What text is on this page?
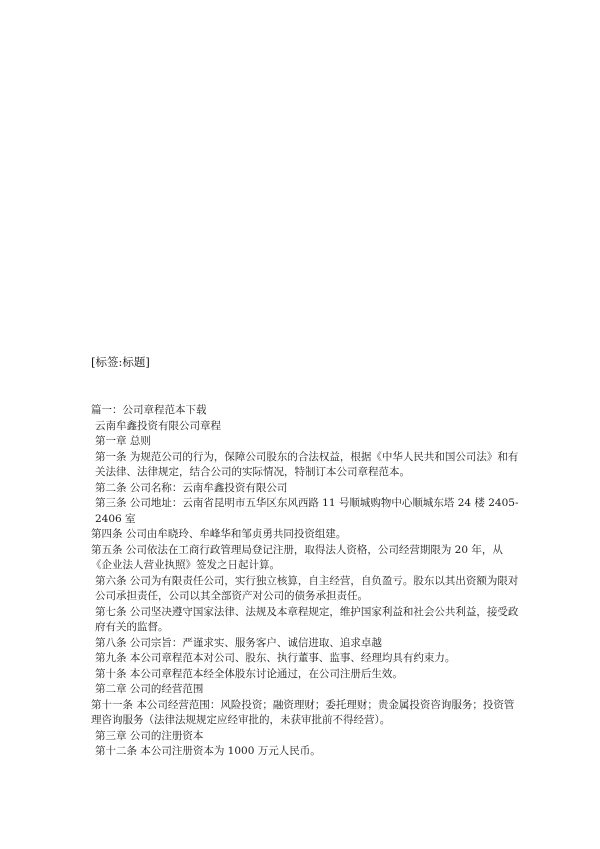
[标签:标题]

篇一：公司章程范本下载

云南牟鑫投资有限公司章程

第一章 总则

第一条 为规范公司的行为，保障公司股东的合法权益，根据《中华人民共和国公司法》和有关法律、法律规定，结合公司的实际情况，特制订本公司章程范本。

第二条 公司名称：云南牟鑫投资有限公司

第三条 公司地址：云南省昆明市五华区东风西路 11 号顺城购物中心顺城东塔 24 楼 2405-2406 室

第四条 公司由牟晓玲、牟峰华和邹贞勇共同投资组建。

第五条 公司依法在工商行政管理局登记注册，取得法人资格，公司经营期限为 20 年，从《企业法人营业执照》签发之日起计算。

第六条 公司为有限责任公司，实行独立核算，自主经营，自负盈亏。股东以其出资额为限对公司承担责任，公司以其全部资产对公司的债务承担责任。

第七条 公司坚决遵守国家法律、法规及本章程规定，维护国家利益和社会公共利益，接受政府有关的监督。

第八条 公司宗旨：严谨求实、服务客户、诚信进取、追求卓越

第九条 本公司章程范本对公司、股东、执行董事、监事、经理均具有约束力。

第十条 本公司章程范本经全体股东讨论通过，在公司注册后生效。

第二章 公司的经营范围

第十一条 本公司经营范围：风险投资；融资理财；委托理财；贵金属投资咨询服务；投资管理咨询服务（法律法规规定应经审批的，未获审批前不得经营）。

第三章 公司的注册资本

第十二条 本公司注册资本为 1000 万元人民币。
